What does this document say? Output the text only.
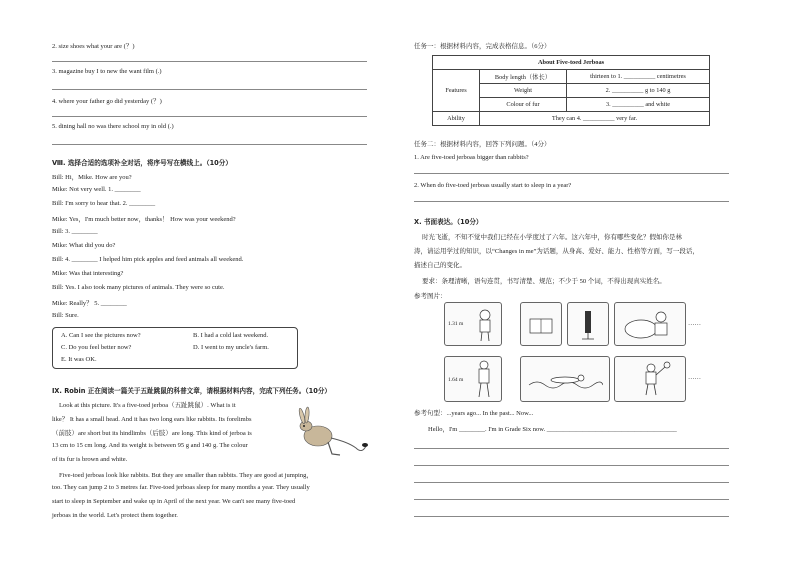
2. size shoes what your are (？)
3. magazine buy I to new the want film (.)
4. where your father go did yesterday (？)
5. dining hall no was there school my in old (.)
Ⅷ. 选择合适的选项补全对话，将序号写在横线上。（10分）
Bill: Hi，Mike. How are you?
Mike: Not very well. 1. ________
Bill: I'm sorry to hear that. 2. ________
Mike: Yes，I'm much better now，thanks！ How was your weekend?
Bill: 3. ________
Mike: What did you do?
Bill: 4. ________ I helped him pick apples and feed animals all weekend.
Mike: Was that interesting?
Bill: Yes. I also took many pictures of animals. They were so cute.
Mike: Really？ 5. ________
Bill: Sure.
A. Can I see the pictures now?	B. I had a cold last weekend.
C. Do you feel better now?	D. I went to my uncle's farm.
E. It was OK.
Ⅸ. Robin 正在阅读一篇关于五趾跳鼠的科普文章，请根据材料内容，完成下列任务。（10分）
Look at this picture. It's a five-toed jerboa（五趾跳鼠）. What is it
like？ It has a small head. And it has two long ears like rabbits. Its forelimbs
（前肢）are short but its hindlimbs（后肢）are long. This kind of jerboa is
13 cm to 15 cm long. And its weight is between 95 g and 140 g. The colour
of its fur is brown and white.
Five-toed jerboas look like rabbits. But they are smaller than rabbits. They are good at jumping，
too. They can jump 2 to 3 metres far. Five-toed jerboas sleep for many months a year. They usually
start to sleep in September and wake up in April of the next year. We can't see many five-toed
jerboas in the world. Let's protect them together.
任务一：根据材料内容，完成表格信息。（6分）
About Five-toed Jerboas		
Features	Body length（体长）	thirteen to 1. __________ centimetres
	Weight	2. __________ g to 140 g
	Colour of fur	3. __________ and white
Ability	They can 4. __________ very far.	
任务二：根据材料内容，回答下列问题。（4分）
1. Are five-toed jerboas bigger than rabbits?
2. When do five-toed jerboas usually start to sleep in a year?
Ⅹ. 书面表达。（10分）
时光飞逝，不知不觉中我们已经在小学度过了六年。这六年中，你有哪些变化？假如你是林
涛，请运用学过的知识，以“Changes in me”为话题，从身高、爱好、能力、性格等方面，写一段话，
描述自己的变化。
要求：条理清晰，语句连贯，书写清楚、规范；不少于 50 个词，不得出现真实姓名。
参考图片：
1.31 m	……
1.64 m	……
参考句型：...years ago... In the past... Now...
Hello，I'm ________. I'm in Grade Six now. ________________________________________
